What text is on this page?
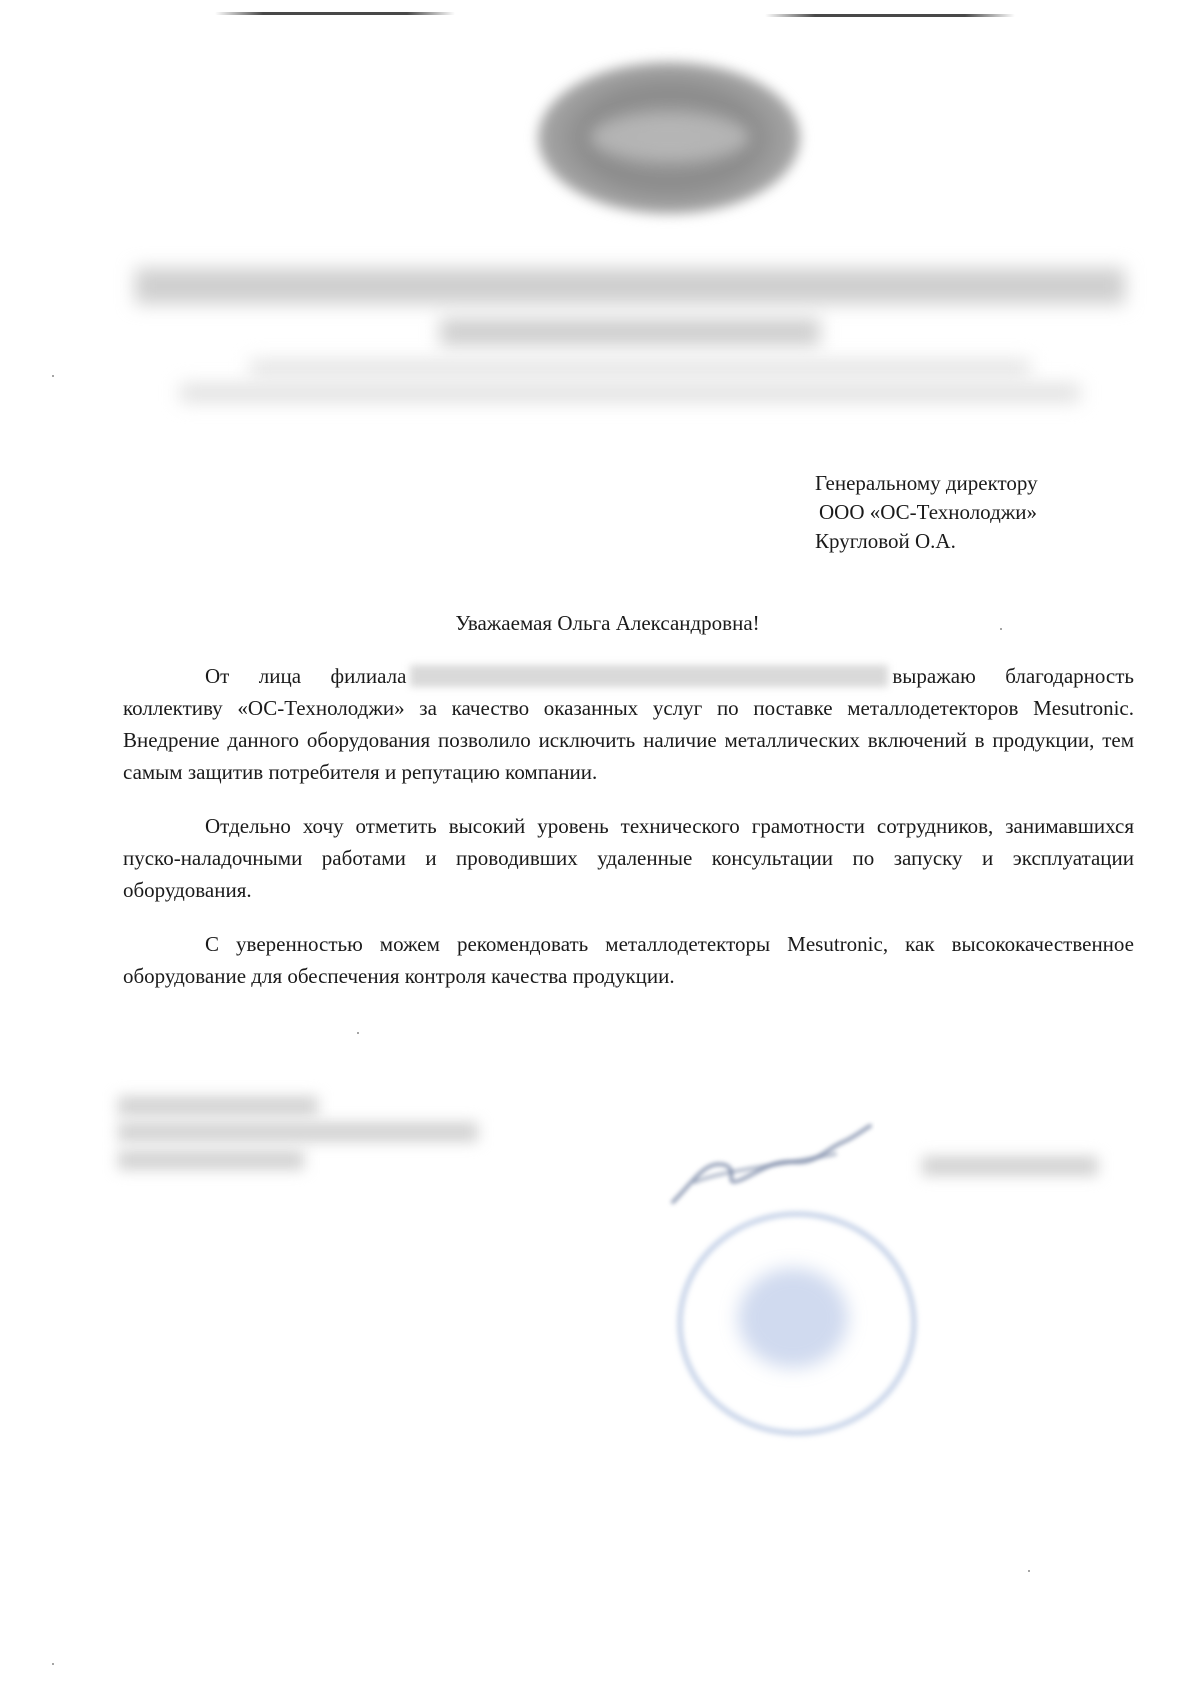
Генеральному директору
ООО «ОС-Технолоджи»
Кругловой О.А.
Уважаемая Ольга Александровна!

От лица филиала	выражаю благодарность коллективу «ОС-Технолоджи» за качество оказанных услуг по поставке металлодетекторов Mesutronic. Внедрение данного оборудования позволило исключить наличие металлических включений в продукции, тем самым защитив потребителя и репутацию компании.

Отдельно хочу отметить высокий уровень технического грамотности сотрудников, занимавшихся пуско-наладочными работами и проводивших удаленные консультации по запуску и эксплуатации оборудования.

С уверенностью можем рекомендовать металлодетекторы Mesutronic, как высококачественное оборудование для обеспечения контроля качества продукции.
